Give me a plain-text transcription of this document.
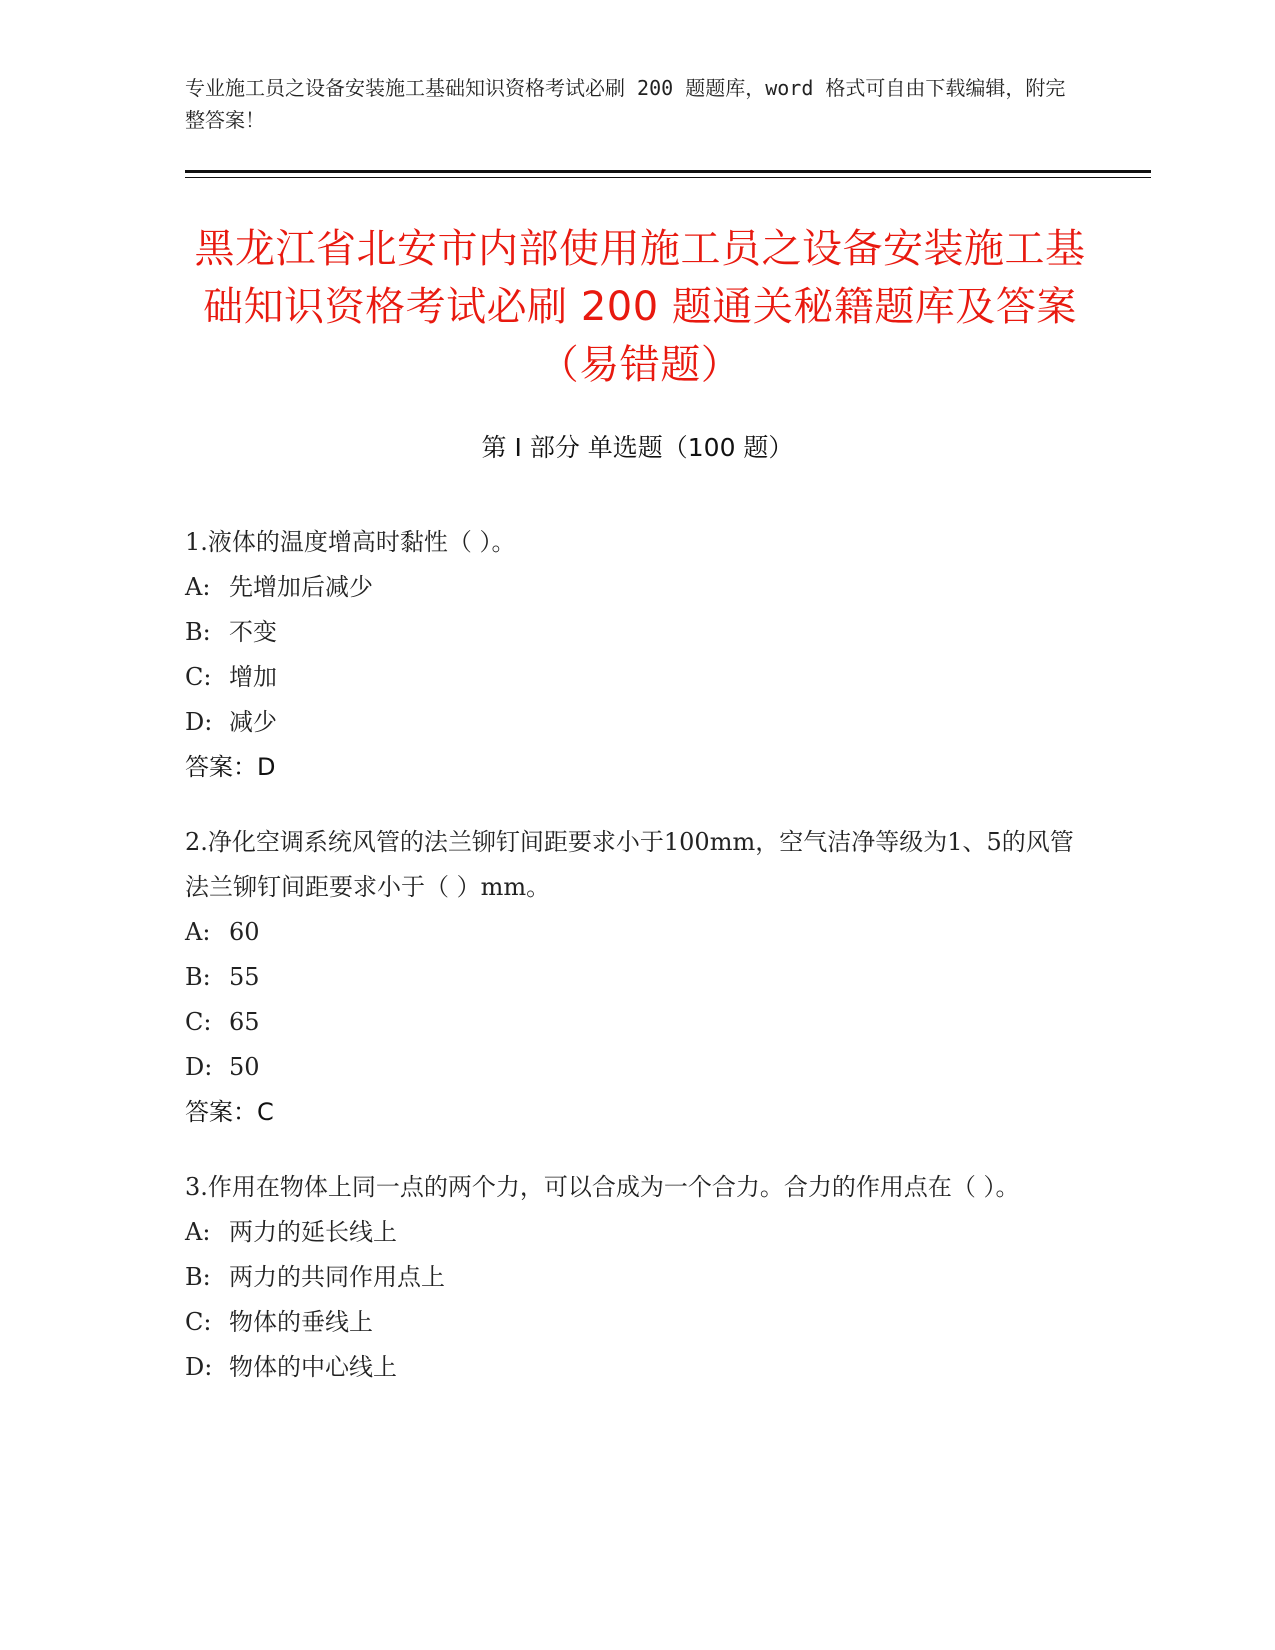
专业施工员之设备安装施工基础知识资格考试必刷 200 题题库，word 格式可自由下载编辑，附完整答案！
黑龙江省北安市内部使用施工员之设备安装施工基础知识资格考试必刷 200 题通关秘籍题库及答案（易错题）
第 I 部分 单选题（100 题）

1.液体的温度增高时黏性（ ）。

A: 先增加后减少
B: 不变
C: 增加
D: 减少

答案：D

2.净化空调系统风管的法兰铆钉间距要求小于100mm，空气洁净等级为1、5的风管法兰铆钉间距要求小于（ ）mm。

A: 60
B: 55
C: 65
D: 50

答案：C

3.作用在物体上同一点的两个力，可以合成为一个合力。合力的作用点在（ ）。

A: 两力的延长线上
B: 两力的共同作用点上
C: 物体的垂线上
D: 物体的中心线上
